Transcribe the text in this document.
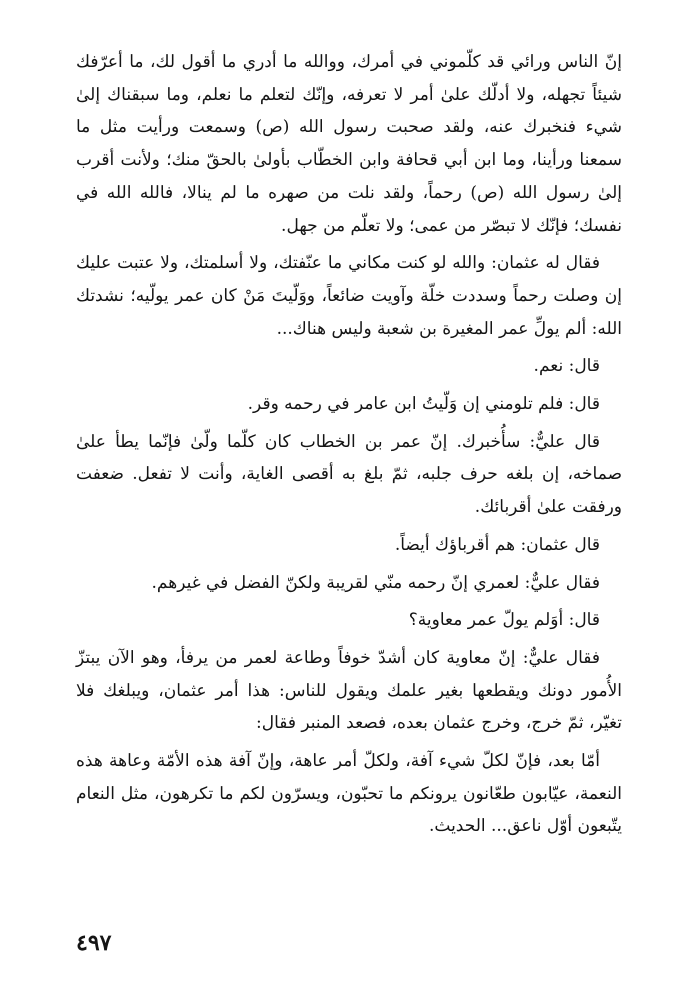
إنّ الناس ورائي قد كلّموني في أمرك، ووالله ما أدري ما أقول لك، ما أعرّفك شيئاً تجهله، ولا أدلّك علىٰ أمر لا تعرفه، وإنّك لتعلم ما نعلم، وما سبقناك إلىٰ شيء فنخبرك عنه، ولقد صحبت رسول الله (ص) وسمعت ورأيت مثل ما سمعنا ورأينا، وما ابن أبي قحافة وابن الخطّاب بأولىٰ بالحقّ منك؛ ولأنت أقرب إلىٰ رسول الله (ص) رحماً، ولقد نلت من صهره ما لم ينالا، فالله الله في نفسك؛ فإنّك لا تبصّر من عمى؛ ولا تعلّم من جهل.

فقال له عثمان: والله لو كنت مكاني ما عنّفتك، ولا أسلمتك، ولا عتبت عليك إن وصلت رحماً وسددت خلّة وآويت ضائعاً، ووَلّيتَ مَنْ كان عمر يولّيه؛ نشدتك الله: ألم يولِّ عمر المغيرة بن شعبة وليس هناك...

قال: نعم.

قال: فلم تلومني إن وَلّيتُ ابن عامر في رحمه وقر.

قال عليٌّ: سأُخبرك. إنّ عمر بن الخطاب كان كلّما ولّىٰ فإنّما يطأ علىٰ صماخه، إن بلغه حرف جلبه، ثمّ بلغ به أقصى الغاية، وأنت لا تفعل. ضعفت ورفقت علىٰ أقربائك.

قال عثمان: هم أقرباؤك أيضاً.

فقال عليٌّ: لعمري إنّ رحمه منّي لقريبة ولكنّ الفضل في غيرهم.

قال: أوَلم يولّ عمر معاوية؟

فقال عليٌّ: إنّ معاوية كان أشدّ خوفاً وطاعة لعمر من يرفأ، وهو الآن يبتزّ الأُمور دونك ويقطعها بغير علمك ويقول للناس: هذا أمر عثمان، ويبلغك فلا تغيّر، ثمّ خرج، وخرج عثمان بعده، فصعد المنبر فقال:

أمّا بعد، فإنّ لكلّ شيء آفة، ولكلّ أمر عاهة، وإنّ آفة هذه الأمّة وعاهة هذه النعمة، عيّابون طعّانون يرونكم ما تحبّون، ويسرّون لكم ما تكرهون، مثل النعام يتّبعون أوّل ناعق... الحديث.

٤٩٧
